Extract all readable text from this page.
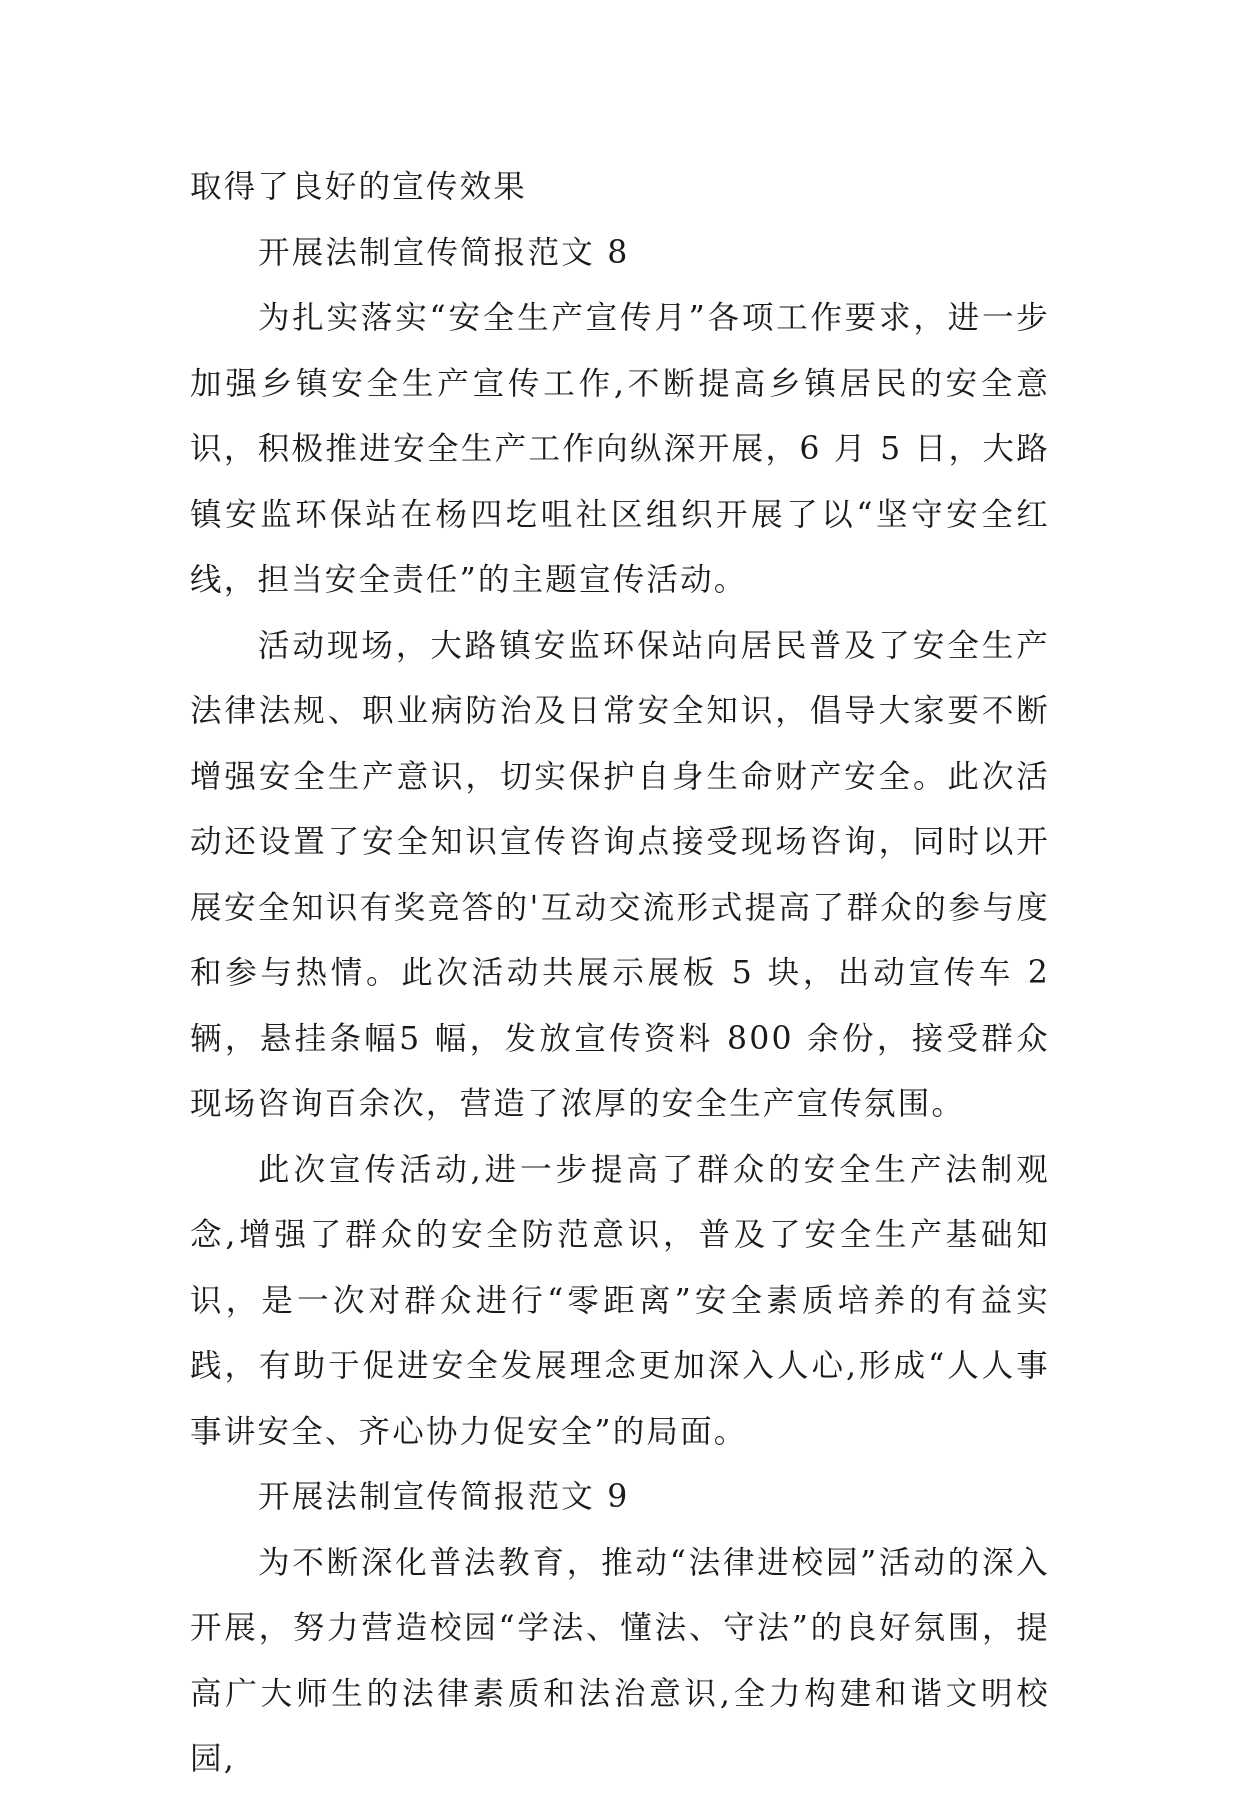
取得了良好的宣传效果

开展法制宣传简报范文 8

为扎实落实“安全生产宣传月”各项工作要求，进一步加强乡镇安全生产宣传工作,不断提高乡镇居民的安全意识，积极推进安全生产工作向纵深开展，6 月 5 日，大路镇安监环保站在杨四圪咀社区组织开展了以“坚守安全红线，担当安全责任”的主题宣传活动。

活动现场，大路镇安监环保站向居民普及了安全生产法律法规、职业病防治及日常安全知识，倡导大家要不断增强安全生产意识，切实保护自身生命财产安全。此次活动还设置了安全知识宣传咨询点接受现场咨询，同时以开展安全知识有奖竞答的'互动交流形式提高了群众的参与度和参与热情。此次活动共展示展板 5 块，出动宣传车 2 辆，悬挂条幅5 幅，发放宣传资料 800 余份，接受群众现场咨询百余次，营造了浓厚的安全生产宣传氛围。

此次宣传活动,进一步提高了群众的安全生产法制观念,增强了群众的安全防范意识，普及了安全生产基础知识，是一次对群众进行“零距离”安全素质培养的有益实践，有助于促进安全发展理念更加深入人心,形成“人人事事讲安全、齐心协力促安全”的局面。

开展法制宣传简报范文 9

为不断深化普法教育，推动“法律进校园”活动的深入开展，努力营造校园“学法、懂法、守法”的良好氛围，提高广大师生的法律素质和法治意识,全力构建和谐文明校园,
